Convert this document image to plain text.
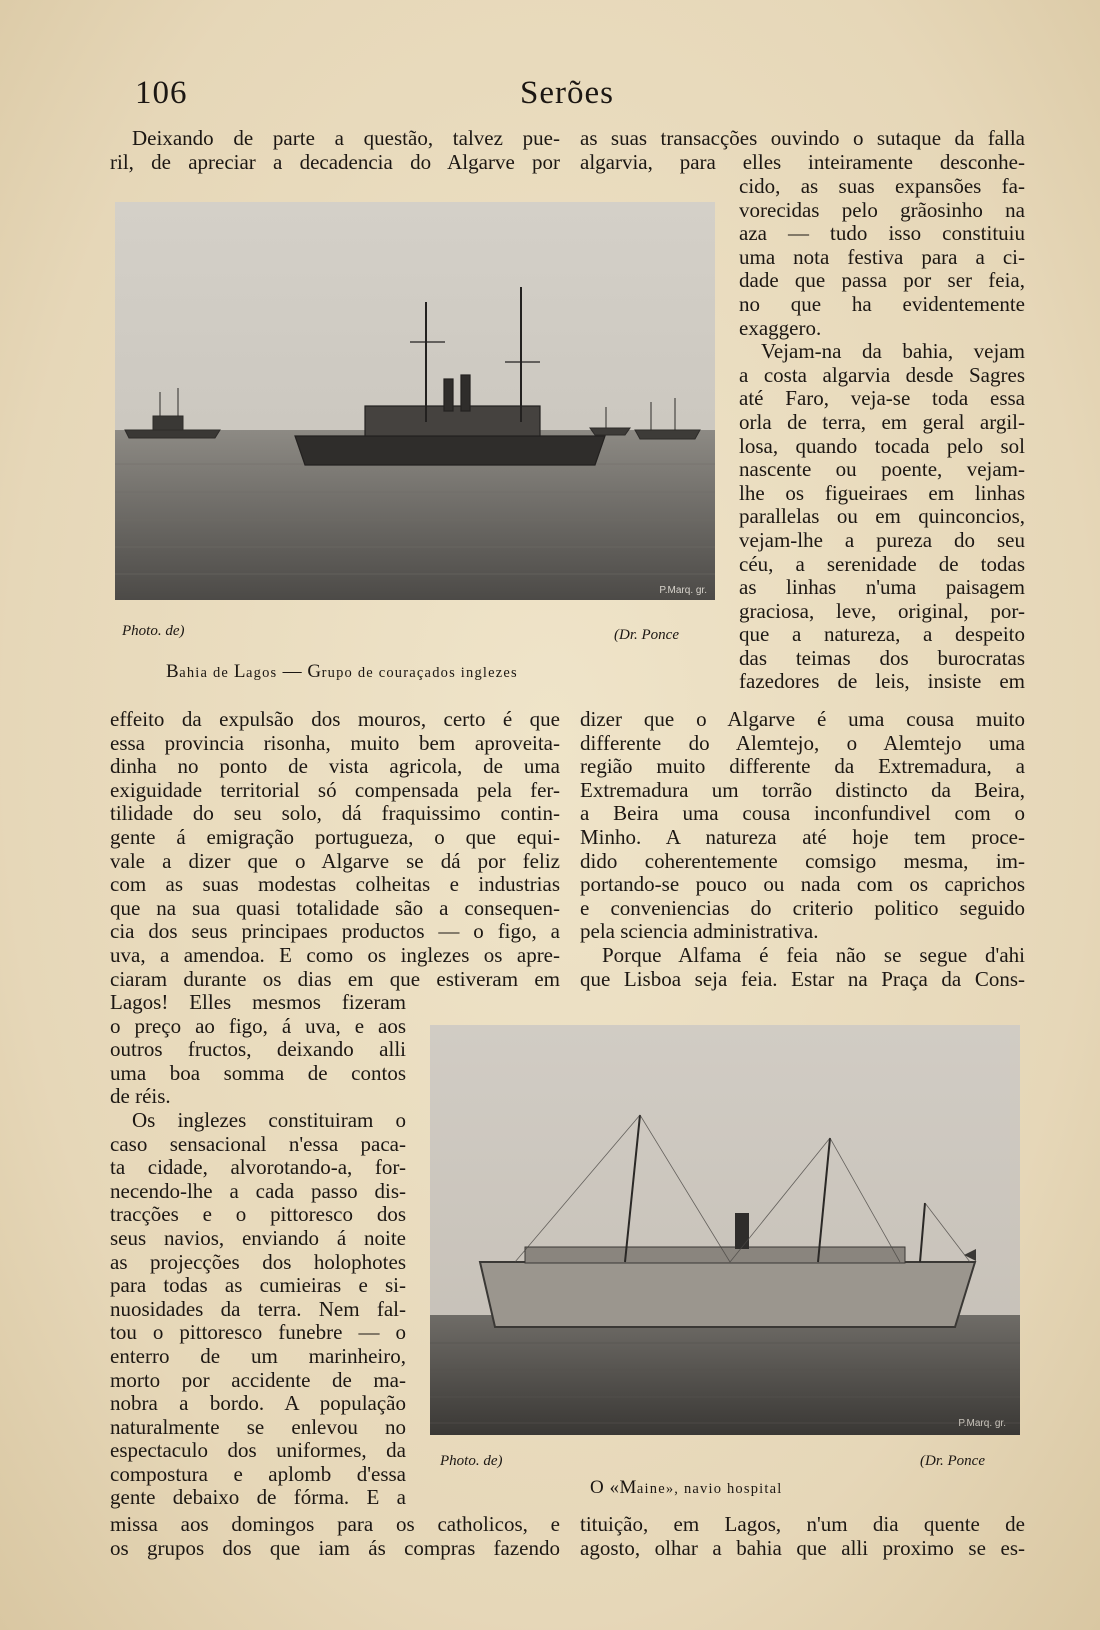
106	Serões
Deixando de parte a questão, talvez pue-
ril, de apreciar a decadencia do Algarve por
as suas transacções ouvindo o sutaque da falla
algarvia, para elles inteiramente desconhe-
P.Marq. gr.
Photo. de)	(Dr. Ponce
Bahia de Lagos — Grupo de couraçados inglezes
cido, as suas expansões fa-
vorecidas pelo grãosinho na
aza — tudo isso constituiu
uma nota festiva para a ci-
dade que passa por ser feia,
no que ha evidentemente
exaggero.
Vejam-na da bahia, vejam
a costa algarvia desde Sagres
até Faro, veja-se toda essa
orla de terra, em geral argil-
losa, quando tocada pelo sol
nascente ou poente, vejam-
lhe os figueiraes em linhas
parallelas ou em quinconcios,
vejam-lhe a pureza do seu
céu, a serenidade de todas
as linhas n'uma paisagem
graciosa, leve, original, por-
que a natureza, a despeito
das teimas dos burocratas
fazedores de leis, insiste em
effeito da expulsão dos mouros, certo é que
essa provincia risonha, muito bem aproveita-
dinha no ponto de vista agricola, de uma
exiguidade territorial só compensada pela fer-
tilidade do seu solo, dá fraquissimo contin-
gente á emigração portugueza, o que equi-
vale a dizer que o Algarve se dá por feliz
com as suas modestas colheitas e industrias
que na sua quasi totalidade são a consequen-
cia dos seus principaes productos — o figo, a
uva, a amendoa. E como os inglezes os apre-
ciaram durante os dias em que estiveram em
dizer que o Algarve é uma cousa muito
differente do Alemtejo, o Alemtejo uma
região muito differente da Extremadura, a
Extremadura um torrão distincto da Beira,
a Beira uma cousa inconfundivel com o
Minho. A natureza até hoje tem proce-
dido coherentemente comsigo mesma, im-
portando-se pouco ou nada com os caprichos
e conveniencias do criterio politico seguido
pela sciencia administrativa.
Porque Alfama é feia não se segue d'ahi
que Lisboa seja feia. Estar na Praça da Cons-
Lagos! Elles mesmos fizeram
o preço ao figo, á uva, e aos
outros fructos, deixando alli
uma boa somma de contos
de réis.
Os inglezes constituiram o
caso sensacional n'essa paca-
ta cidade, alvorotando-a, for-
necendo-lhe a cada passo dis-
tracções e o pittoresco dos
seus navios, enviando á noite
as projecções dos holophotes
para todas as cumieiras e si-
nuosidades da terra. Nem fal-
tou o pittoresco funebre — o
enterro de um marinheiro,
morto por accidente de ma-
nobra a bordo. A população
naturalmente se enlevou no
espectaculo dos uniformes, da
compostura e aplomb d'essa
gente debaixo de fórma. E a
P.Marq. gr.
Photo. de)	(Dr. Ponce
O «Maine», navio hospital
missa aos domingos para os catholicos, e
os grupos dos que iam ás compras fazendo
tituição, em Lagos, n'um dia quente de
agosto, olhar a bahia que alli proximo se es-
